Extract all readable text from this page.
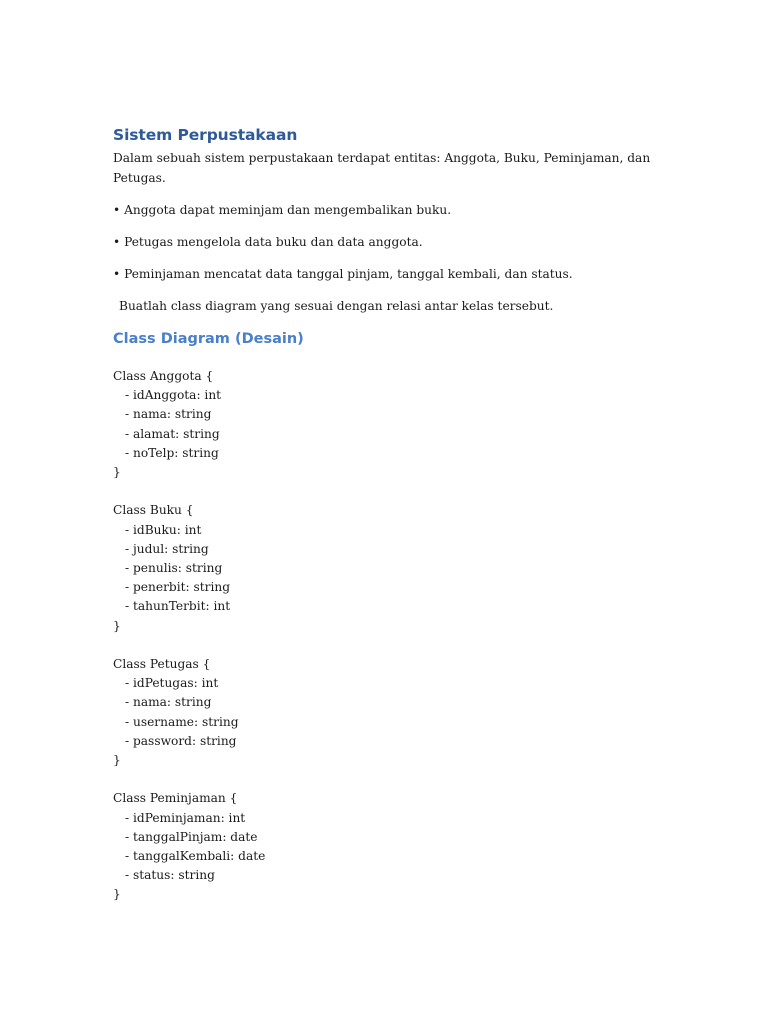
Sistem Perpustakaan

Dalam sebuah sistem perpustakaan terdapat entitas: Anggota, Buku, Peminjaman, dan Petugas.

• Anggota dapat meminjam dan mengembalikan buku.

• Petugas mengelola data buku dan data anggota.

• Peminjaman mencatat data tanggal pinjam, tanggal kembali, dan status.

Buatlah class diagram yang sesuai dengan relasi antar kelas tersebut.

Class Diagram (Desain)
Class Anggota {
- idAnggota: int
- nama: string
- alamat: string
- noTelp: string
}
Class Buku {
- idBuku: int
- judul: string
- penulis: string
- penerbit: string
- tahunTerbit: int
}
Class Petugas {
- idPetugas: int
- nama: string
- username: string
- password: string
}
Class Peminjaman {
- idPeminjaman: int
- tanggalPinjam: date
- tanggalKembali: date
- status: string
}
